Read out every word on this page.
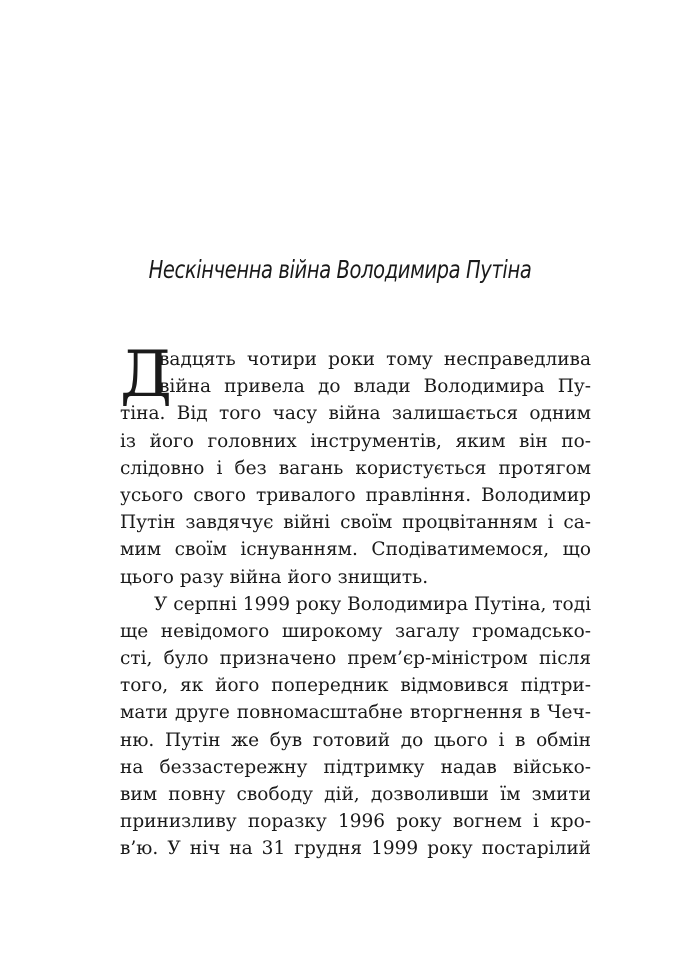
Нескінченна війна Володимира Путіна
Д
вадцять чотири роки тому несправедлива
війна привела до влади Володимира Пу-
тіна. Від того часу війна залишається одним
із його головних інструментів, яким він по-
слідовно і без вагань користується протягом
усього свого тривалого правління. Володимир
Путін завдячує війні своїм процвітанням і са-
мим своїм існуванням. Сподіватимемося, що
цього разу війна його знищить.
У серпні 1999 року Володимира Путіна, тоді
ще невідомого широкому загалу громадсько-
сті, було призначено прем’єр-міністром після
того, як його попередник відмовився підтри-
мати друге повномасштабне вторгнення в Чеч-
ню. Путін же був готовий до цього і в обмін
на беззастережну підтримку надав військо-
вим повну свободу дій, дозволивши їм змити
принизливу поразку 1996 року вогнем і кро-
в’ю. У ніч на 31 грудня 1999 року постарілий
